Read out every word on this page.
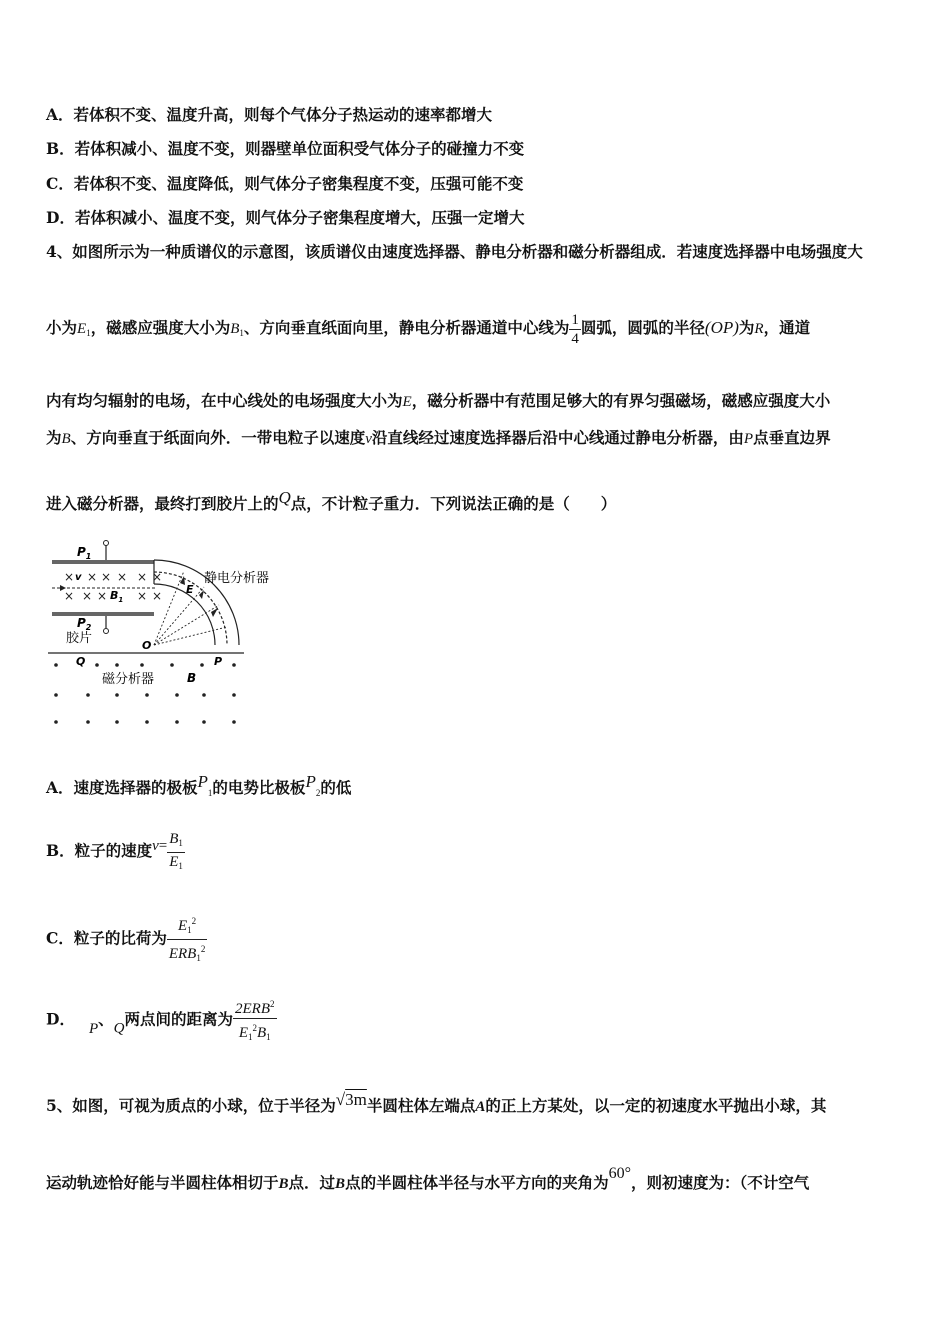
A．若体积不变、温度升高，则每个气体分子热运动的速率都增大
B．若体积减小、温度不变，则器壁单位面积受气体分子的碰撞力不变
C．若体积不变、温度降低，则气体分子密集程度不变，压强可能不变
D．若体积减小、温度不变，则气体分子密集程度增大，压强一定增大
4、如图所示为一种质谱仪的示意图，该质谱仪由速度选择器、静电分析器和磁分析器组成．若速度选择器中电场强度大
小为$E_1$，磁感应强度大小为$B_1$、方向垂直纸面向里，静电分析器通道中心线为 $\frac{1}{4}$ 圆弧，圆弧的半径(OP)为R，通道
内有均匀辐射的电场，在中心线处的电场强度大小为E，磁分析器中有范围足够大的有界匀强磁场，磁感应强度大小
为B、方向垂直于纸面向外．一带电粒子以速度v沿直线经过速度选择器后沿中心线通过静电分析器，由P点垂直边界
进入磁分析器，最终打到胶片上的Q点，不计粒子重力．下列说法正确的是（　　）
$P_1$
$P_2$
× × × × × ×
× × × × ×
v
$B_1$
E
静电分析器
O
胶片
Q	P
B
磁分析器
A．速度选择器的极板$P_1$的电势比极板$P_2$的低
B．粒子的速度$v= \frac{B_1}{E_1}$
C．粒子的比荷为 $\frac{E_1^2}{ERB_1^2}$
D． P、Q两点间的距离为 $\frac{2ERB^2}{E_1^2B_1}$
5、如图，可视为质点的小球，位于半径为√3m半圆柱体左端点A的正上方某处，以一定的初速度水平抛出小球，其
运动轨迹恰好能与半圆柱体相切于B点．过B点的半圆柱体半径与水平方向的夹角为60°，则初速度为：（不计空气
